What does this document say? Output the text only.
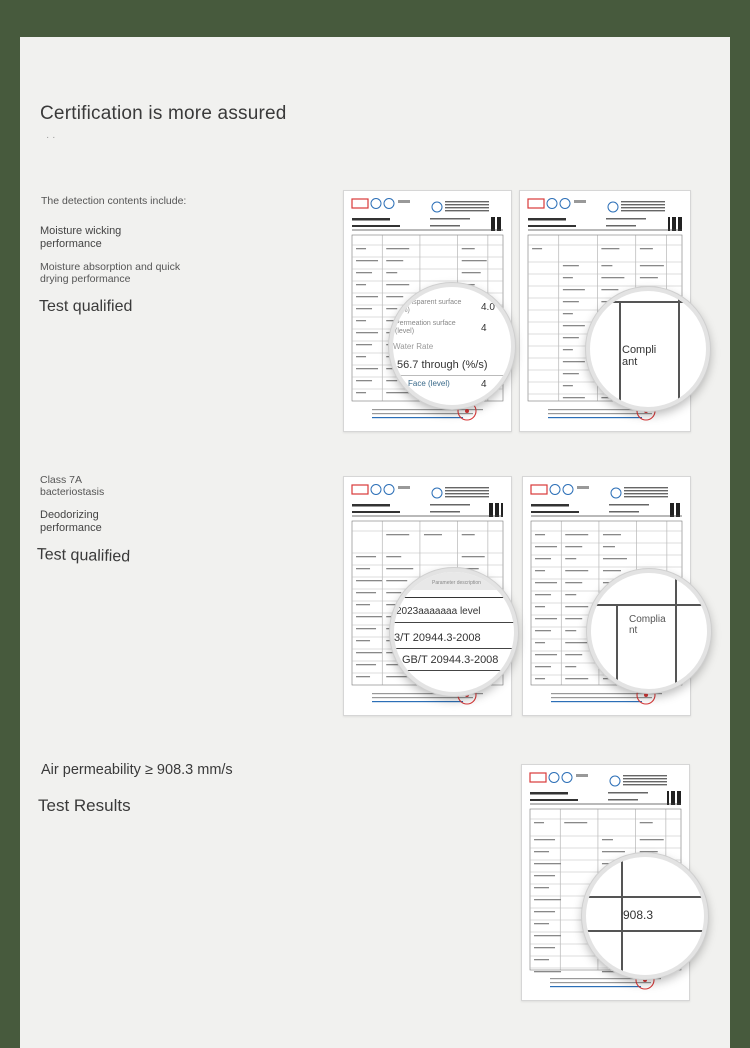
Certification is more assured
· ·
The detection contents include:
Moisture wicking
performance
Moisture absorption and quick
drying performance
Test qualified	Transparent surface
(%)	4.0
Permeation surface
(level)	4
Water Rate
56.7 through (%/s)
Face (level)	4
Compli
ant
Class 7A
bacteriostasis
Deodorizing
performance
Test qualified
Parameter description
2023aaaaaaa level
3/T 20944.3-2008
GB/T 20944.3-2008
Complia
nt
Air permeability ≥ 908.3 mm/s
Test Results
908.3
